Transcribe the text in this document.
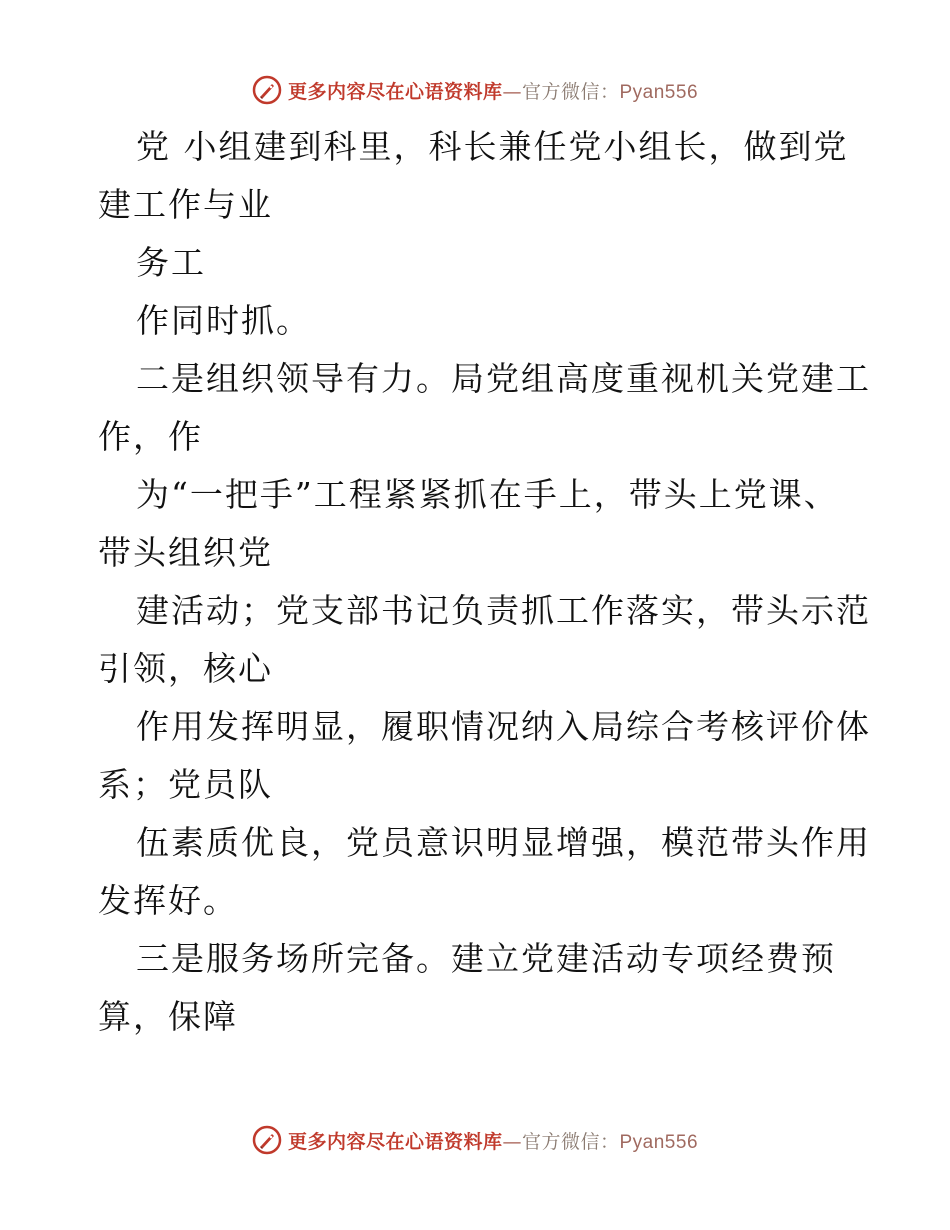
更多内容尽在心语资料库—官方微信：Pyan556
党 小组建到科里，科长兼任党小组长，做到党
建工作与业
务工
作同时抓。
二是组织领导有力。局党组高度重视机关党建工
作，作
为“一把手”工程紧紧抓在手上，带头上党课、
带头组织党
建活动；党支部书记负责抓工作落实，带头示范
引领，核心
作用发挥明显，履职情况纳入局综合考核评价体
系；党员队
伍素质优良，党员意识明显增强，模范带头作用
发挥好。
三是服务场所完备。建立党建活动专项经费预
算，保障
更多内容尽在心语资料库—官方微信：Pyan556
